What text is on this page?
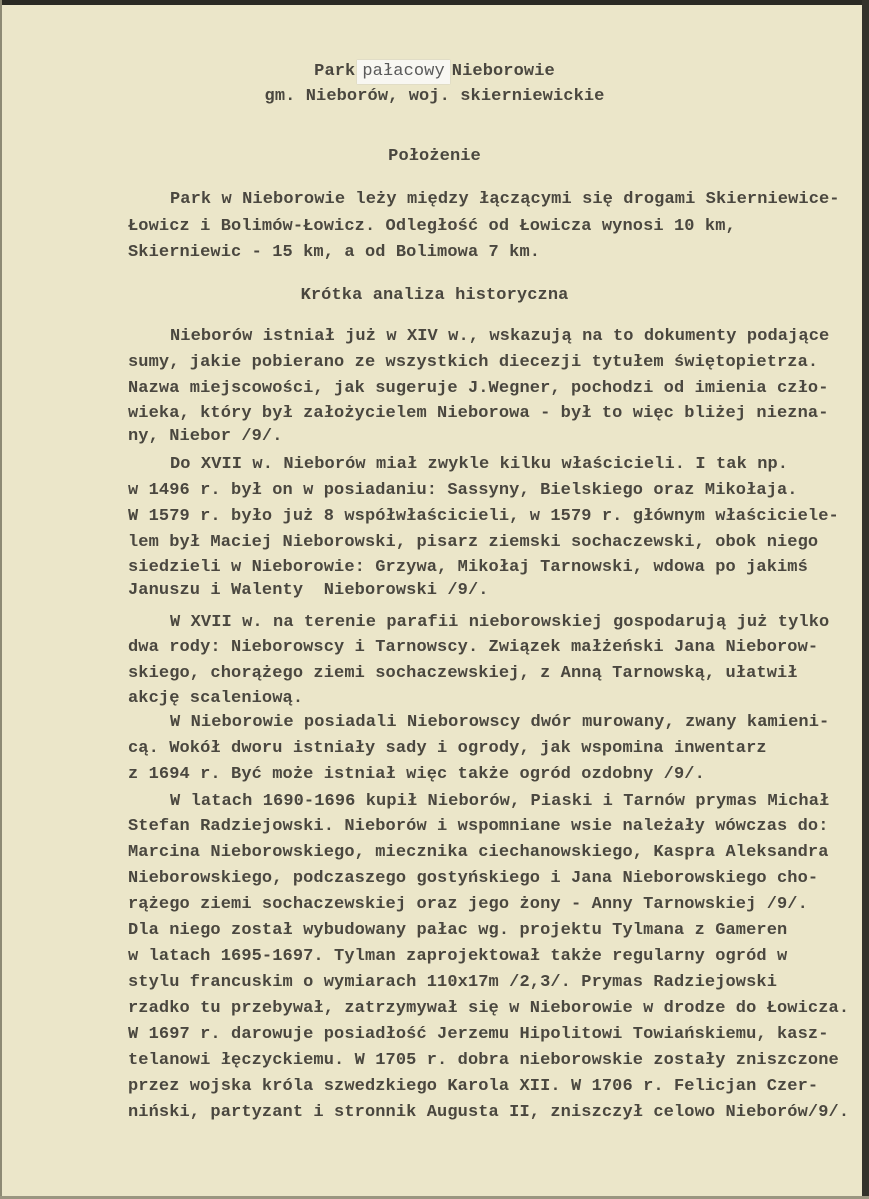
Park pałacowy Nieborowie
gm. Nieborów, woj. skierniewickie
Położenie
Park w Nieborowie leży między łączącymi się drogami Skierniewice-
Łowicz i Bolimów-Łowicz. Odległość od Łowicza wynosi 10 km,
Skierniewic - 15 km, a od Bolimowa 7 km.
Krótka analiza historyczna
Nieborów istniał już w XIV w., wskazują na to dokumenty podające
sumy, jakie pobierano ze wszystkich diecezji tytułem świętopietrza.
Nazwa miejscowości, jak sugeruje J.Wegner, pochodzi od imienia czło-
wieka, który był założycielem Nieborowa - był to więc bliżej niezna-
ny, Niebor /9/.
Do XVII w. Nieborów miał zwykle kilku właścicieli. I tak np.
w 1496 r. był on w posiadaniu: Sassyny, Bielskiego oraz Mikołaja.
W 1579 r. było już 8 współwłaścicieli, w 1579 r. głównym właściciele-
lem był Maciej Nieborowski, pisarz ziemski sochaczewski, obok niego
siedzieli w Nieborowie: Grzywa, Mikołaj Tarnowski, wdowa po jakimś
Januszu i Walenty  Nieborowski /9/.
W XVII w. na terenie parafii nieborowskiej gospodarują już tylko
dwa rody: Nieborowscy i Tarnowscy. Związek małżeński Jana Nieborow-
skiego, chorążego ziemi sochaczewskiej, z Anną Tarnowską, ułatwił
akcję scaleniową.
W Nieborowie posiadali Nieborowscy dwór murowany, zwany kamieni-
cą. Wokół dworu istniały sady i ogrody, jak wspomina inwentarz
z 1694 r. Być może istniał więc także ogród ozdobny /9/.
W latach 1690-1696 kupił Nieborów, Piaski i Tarnów prymas Michał
Stefan Radziejowski. Nieborów i wspomniane wsie należały wówczas do:
Marcina Nieborowskiego, miecznika ciechanowskiego, Kaspra Aleksandra
Nieborowskiego, podczaszego gostyńskiego i Jana Nieborowskiego cho-
rążego ziemi sochaczewskiej oraz jego żony - Anny Tarnowskiej /9/.
Dla niego został wybudowany pałac wg. projektu Tylmana z Gameren
w latach 1695-1697. Tylman zaprojektował także regularny ogród w
stylu francuskim o wymiarach 110x17m /2,3/. Prymas Radziejowski
rzadko tu przebywał, zatrzymywał się w Nieborowie w drodze do Łowicza.
W 1697 r. darowuje posiadłość Jerzemu Hipolitowi Towiańskiemu, kasz-
telanowi łęczyckiemu. W 1705 r. dobra nieborowskie zostały zniszczone
przez wojska króla szwedzkiego Karola XII. W 1706 r. Felicjan Czer-
niński, partyzant i stronnik Augusta II, zniszczył celowo Nieborów/9/.
